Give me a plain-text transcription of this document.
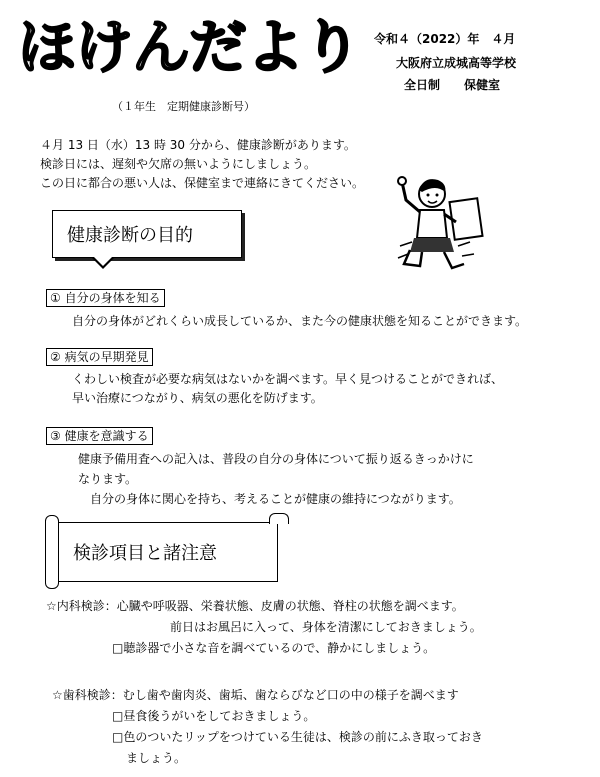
ほ け ん だ よ り 令和４（2022）年　４月
大阪府立成城高等学校
全日制　　保健室
（１年生　定期健康診断号）
４月 13 日（水）13 時 30 分から、健康診断があります。
検診日には、遅刻や欠席の無いようにしましょう。
この日に都合の悪い人は、保健室まで連絡にきてください。
健康診断の目的
① 自分の身体を知る
自分の身体がどれくらい成長しているか、また今の健康状態を知ることができます。
② 病気の早期発見
くわしい検査が必要な病気はないかを調べます。早く見つけることができれば、
早い治療につながり、病気の悪化を防げます。
③ 健康を意識する
健康予備用査への記入は、普段の自分の身体について振り返るきっかけに
なります。
自分の身体に関心を持ち、考えることが健康の維持につながります。
検診項目と諸注意
☆内科検診：心臓や呼吸器、栄養状態、皮膚の状態、脊柱の状態を調べます。
前日はお風呂に入って、身体を清潔にしておきましょう。
□聴診器で小さな音を調べているので、静かにしましょう。
☆歯科検診：むし歯や歯肉炎、歯垢、歯ならびなど口の中の様子を調べます
□昼食後うがいをしておきましょう。
□色のついたリップをつけている生徒は、検診の前にふき取っておき
ましょう。
